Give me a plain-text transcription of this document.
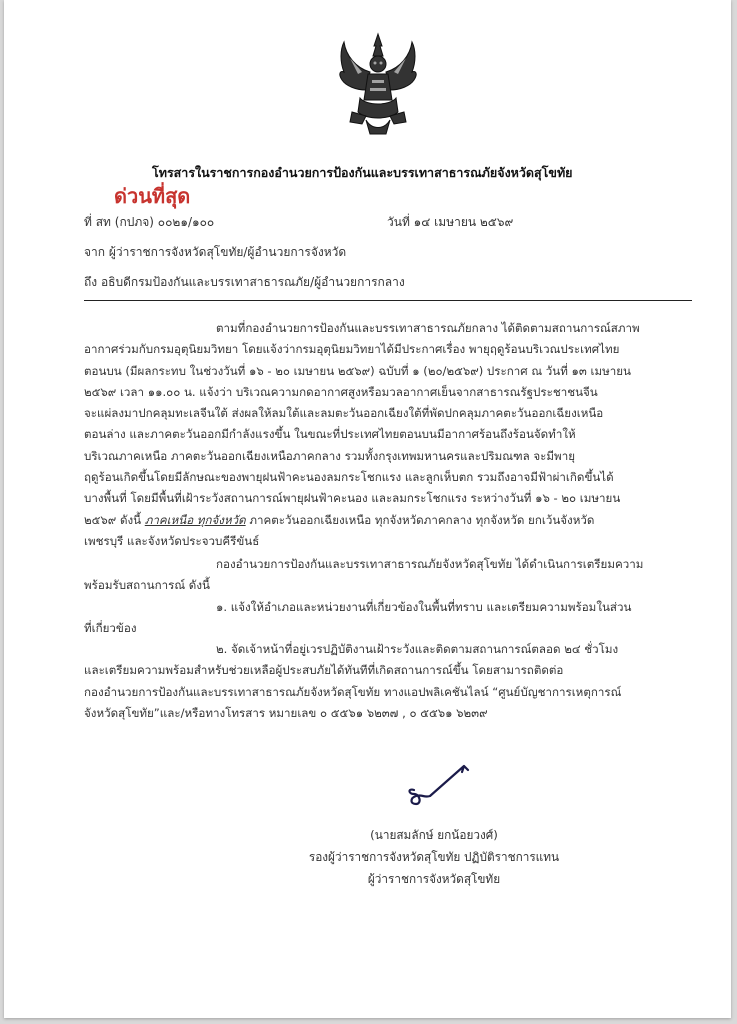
โทรสารในราชการกองอำนวยการป้องกันและบรรเทาสาธารณภัยจังหวัดสุโขทัย
ด่วนที่สุด
ที่ สท (กปภจ) ๐๐๒๑/๑๐๐	วันที่ ๑๔ เมษายน ๒๕๖๙
จาก ผู้ว่าราชการจังหวัดสุโขทัย/ผู้อำนวยการจังหวัด
ถึง อธิบดีกรมป้องกันและบรรเทาสาธารณภัย/ผู้อำนวยการกลาง
ตามที่กองอำนวยการป้องกันและบรรเทาสาธารณภัยกลาง ได้ติดตามสถานการณ์สภาพ
อากาศร่วมกับกรมอุตุนิยมวิทยา โดยแจ้งว่ากรมอุตุนิยมวิทยาได้มีประกาศเรื่อง พายุฤดูร้อนบริเวณประเทศไทย
ตอนบน (มีผลกระทบ ในช่วงวันที่ ๑๖ - ๒๐ เมษายน ๒๕๖๙) ฉบับที่ ๑ (๒๐/๒๕๖๙) ประกาศ ณ วันที่ ๑๓ เมษายน
๒๕๖๙ เวลา ๑๑.๐๐ น. แจ้งว่า บริเวณความกดอากาศสูงหรือมวลอากาศเย็นจากสาธารณรัฐประชาชนจีน
จะแผ่ลงมาปกคลุมทะเลจีนใต้ ส่งผลให้ลมใต้และลมตะวันออกเฉียงใต้ที่พัดปกคลุมภาคตะวันออกเฉียงเหนือ
ตอนล่าง และภาคตะวันออกมีกำลังแรงขึ้น ในขณะที่ประเทศไทยตอนบนมีอากาศร้อนถึงร้อนจัดทำให้
บริเวณภาคเหนือ ภาคตะวันออกเฉียงเหนือภาคกลาง รวมทั้งกรุงเทพมหานครและปริมณฑล จะมีพายุ
ฤดูร้อนเกิดขึ้นโดยมีลักษณะของพายุฝนฟ้าคะนองลมกระโชกแรง และลูกเห็บตก รวมถึงอาจมีฟ้าผ่าเกิดขึ้นได้
บางพื้นที่ โดยมีพื้นที่เฝ้าระวังสถานการณ์พายุฝนฟ้าคะนอง และลมกระโชกแรง ระหว่างวันที่ ๑๖ - ๒๐ เมษายน
๒๕๖๙ ดังนี้ ภาคเหนือ ทุกจังหวัด ภาคตะวันออกเฉียงเหนือ ทุกจังหวัดภาคกลาง ทุกจังหวัด ยกเว้นจังหวัด
เพชรบุรี และจังหวัดประจวบคีรีขันธ์
กองอำนวยการป้องกันและบรรเทาสาธารณภัยจังหวัดสุโขทัย ได้ดำเนินการเตรียมความ
พร้อมรับสถานการณ์ ดังนี้
๑. แจ้งให้อำเภอและหน่วยงานที่เกี่ยวข้องในพื้นที่ทราบ และเตรียมความพร้อมในส่วน
ที่เกี่ยวข้อง
๒. จัดเจ้าหน้าที่อยู่เวรปฏิบัติงานเฝ้าระวังและติดตามสถานการณ์ตลอด ๒๔ ชั่วโมง
และเตรียมความพร้อมสำหรับช่วยเหลือผู้ประสบภัยได้ทันทีที่เกิดสถานการณ์ขึ้น โดยสามารถติดต่อ
กองอำนวยการป้องกันและบรรเทาสาธารณภัยจังหวัดสุโขทัย ทางแอปพลิเคชันไลน์ “ศูนย์บัญชาการเหตุการณ์
จังหวัดสุโขทัย”และ/หรือทางโทรสาร หมายเลข ๐ ๕๕๖๑ ๖๒๓๗ , ๐ ๕๕๖๑ ๖๒๓๙
(นายสมลักษ์ ยกน้อยวงศ์)
รองผู้ว่าราชการจังหวัดสุโขทัย ปฏิบัติราชการแทน
ผู้ว่าราชการจังหวัดสุโขทัย
